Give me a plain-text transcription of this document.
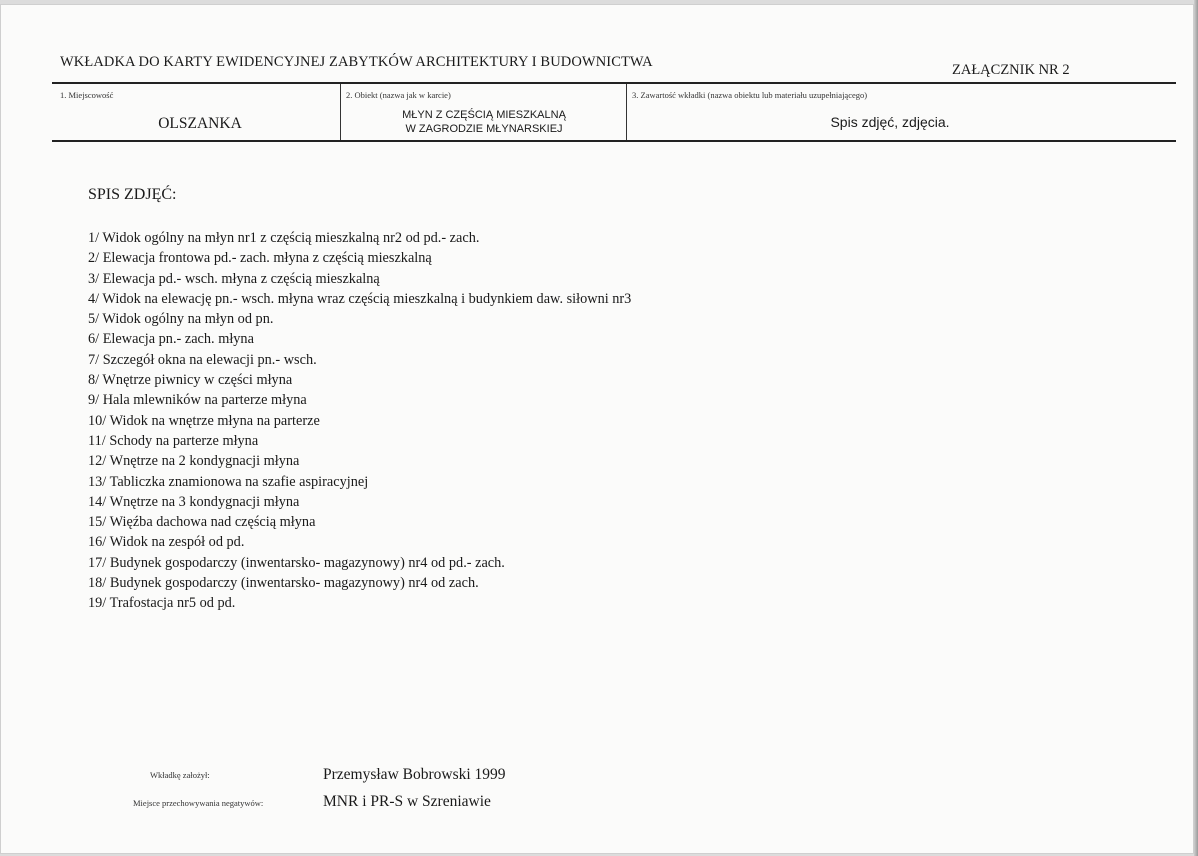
WKŁADKA DO KARTY EWIDENCYJNEJ ZABYTKÓW ARCHITEKTURY I BUDOWNICTWA	ZAŁĄCZNIK NR 2
1. Miejscowość
OLSZANKA
2. Obiekt (nazwa jak w karcie)
MŁYN Z CZĘŚCIĄ MIESZKALNĄ
W ZAGRODZIE MŁYNARSKIEJ
3. Zawartość wkładki (nazwa obiektu lub materiału uzupełniającego)
Spis zdjęć, zdjęcia.
SPIS ZDJĘĆ:
1/ Widok ogólny na młyn nr1 z częścią mieszkalną nr2 od pd.- zach.
2/ Elewacja frontowa pd.- zach. młyna z częścią mieszkalną
3/ Elewacja pd.- wsch. młyna z częścią mieszkalną
4/ Widok na elewację pn.- wsch. młyna wraz częścią mieszkalną i budynkiem daw. siłowni nr3
5/ Widok ogólny na młyn od pn.
6/ Elewacja pn.- zach. młyna
7/ Szczegół okna na elewacji pn.- wsch.
8/ Wnętrze piwnicy w części młyna
9/ Hala mlewników na parterze młyna
10/ Widok na wnętrze młyna na parterze
11/ Schody na parterze młyna
12/ Wnętrze na 2 kondygnacji młyna
13/ Tabliczka znamionowa na szafie aspiracyjnej
14/ Wnętrze na 3 kondygnacji młyna
15/ Więźba dachowa nad częścią młyna
16/ Widok na zespół od pd.
17/ Budynek gospodarczy (inwentarsko- magazynowy) nr4 od pd.- zach.
18/ Budynek gospodarczy (inwentarsko- magazynowy) nr4 od zach.
19/ Trafostacja nr5 od pd.
Wkładkę założył:	Przemysław Bobrowski 1999
Miejsce przechowywania negatywów:	MNR i PR-S w Szreniawie
